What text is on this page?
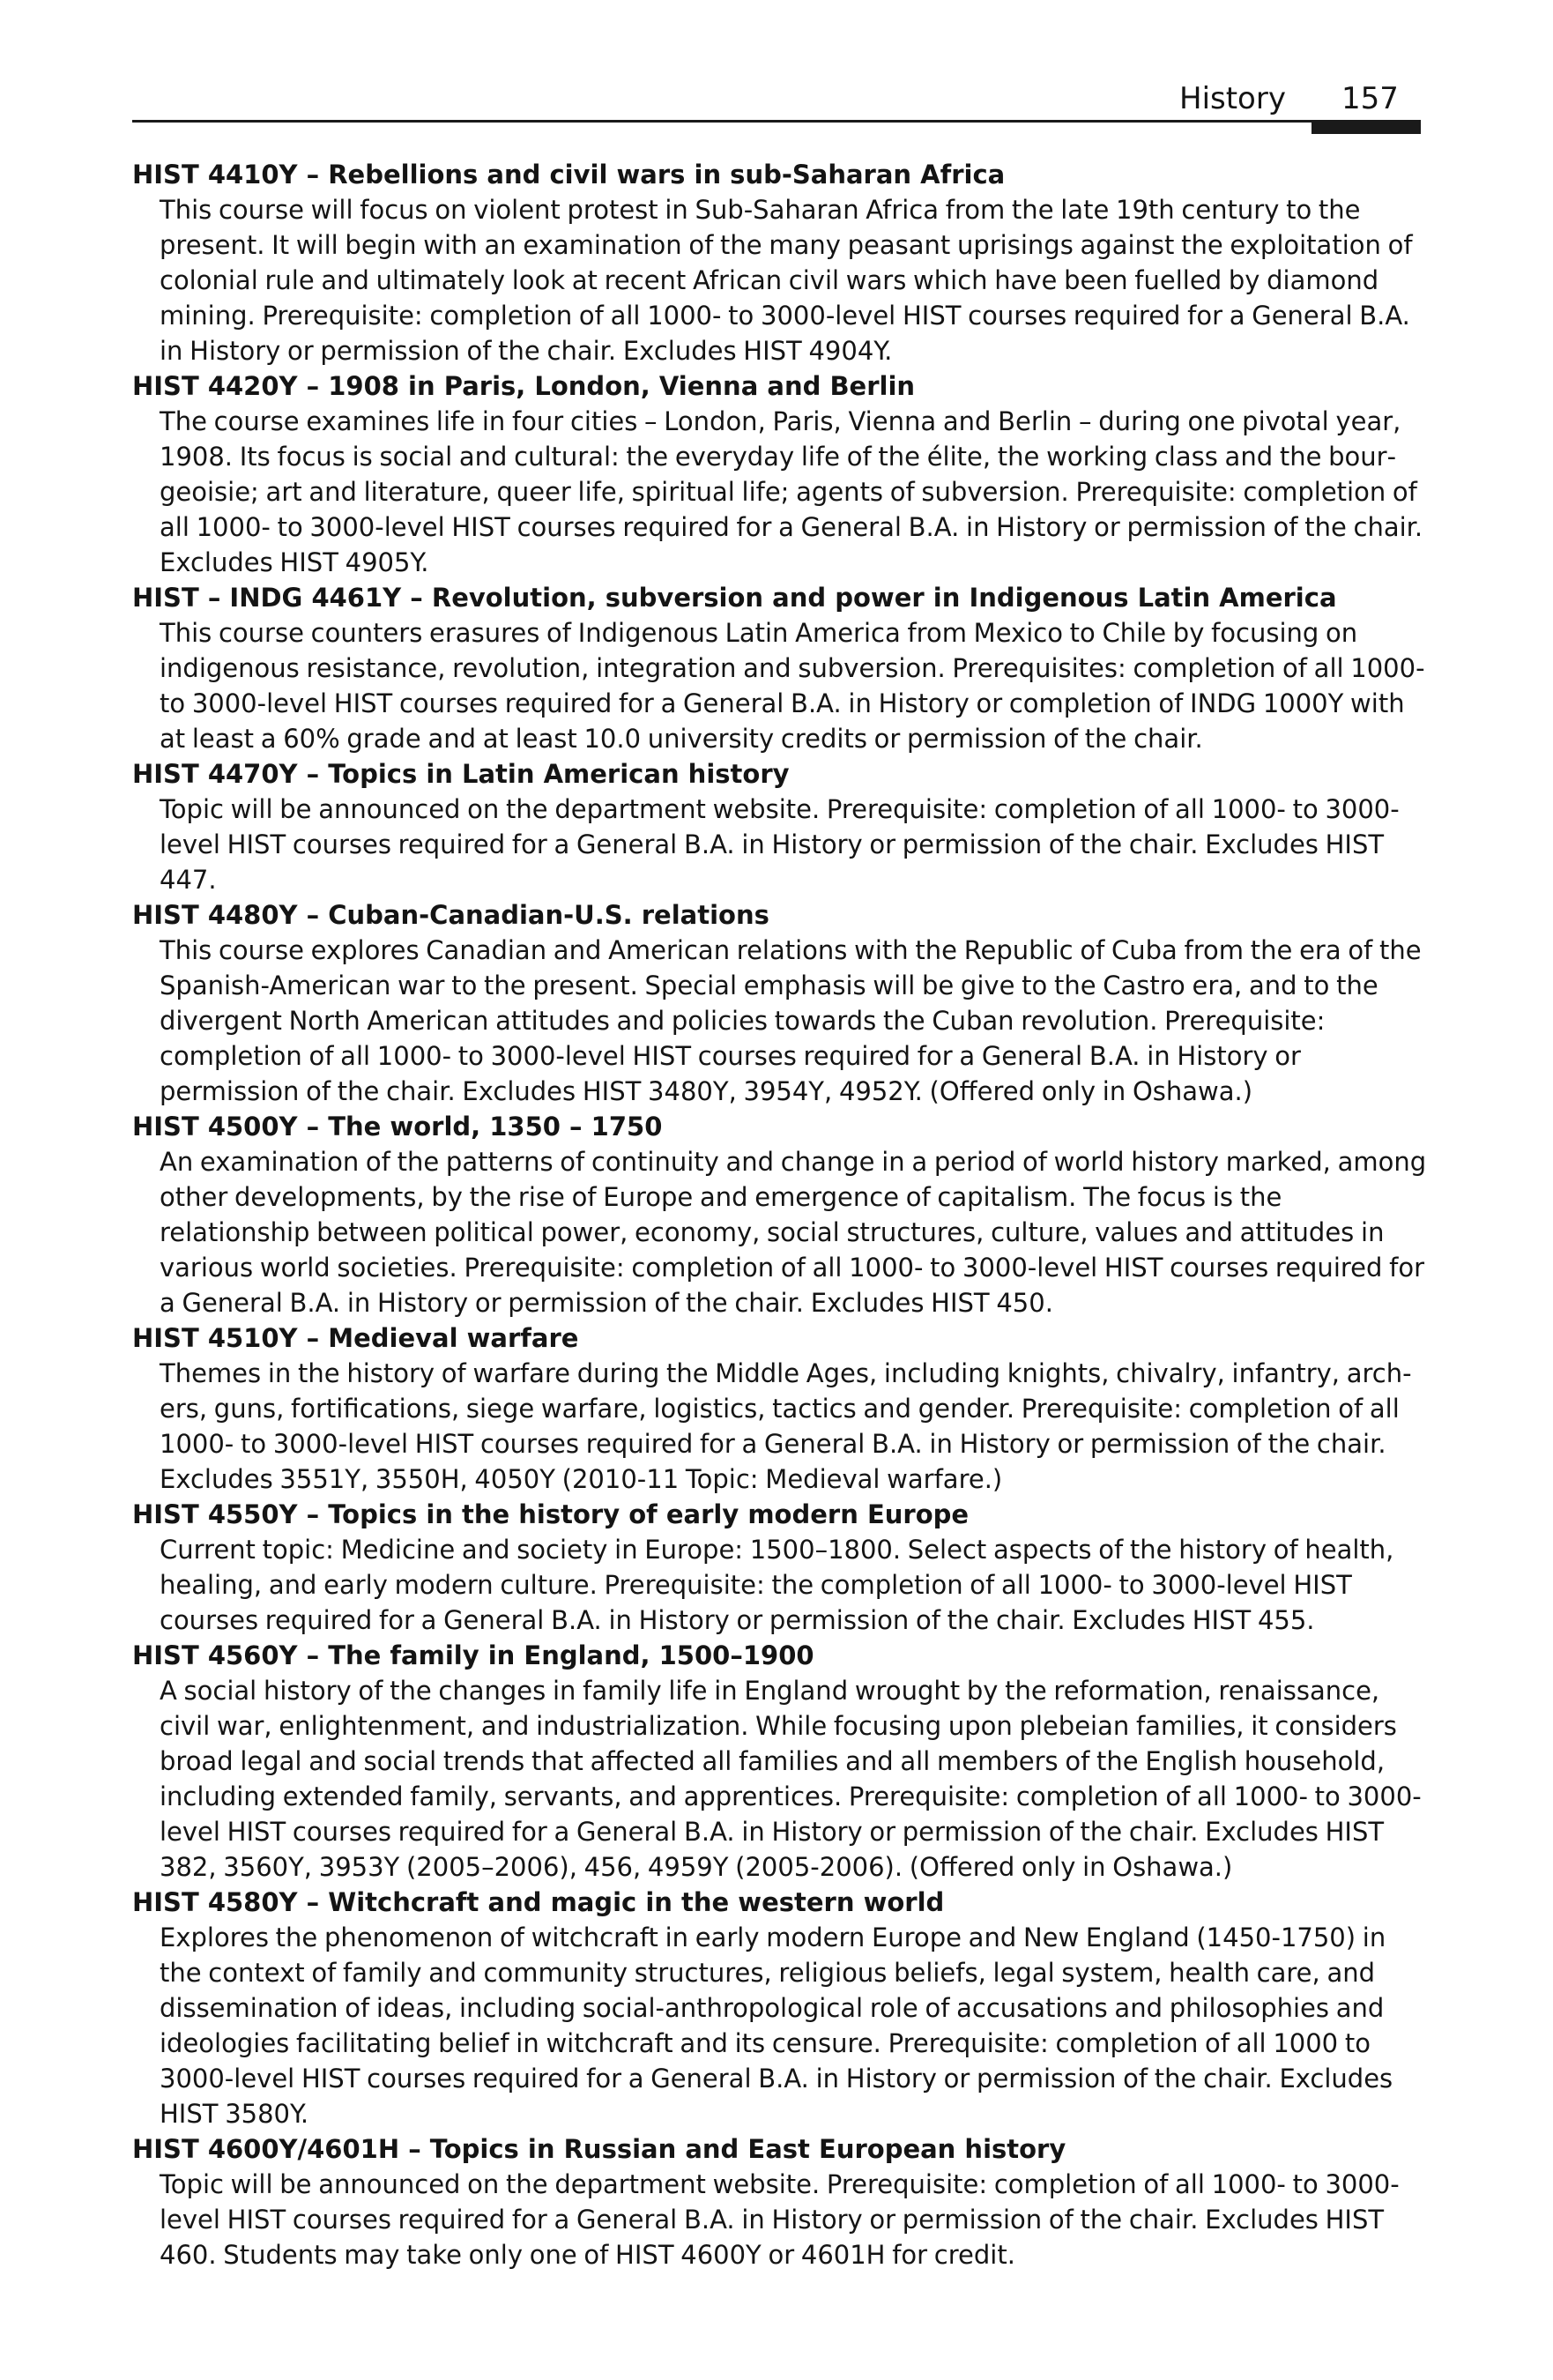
History 157
HIST 4410Y – Rebellions and civil wars in sub-Saharan Africa

This course will focus on violent protest in Sub-Saharan Africa from the late 19th century to the present. It will begin with an examination of the many peasant uprisings against the exploitation of colonial rule and ultimately look at recent African civil wars which have been fuelled by diamond mining. Prerequisite: completion of all 1000- to 3000-level HIST courses required for a General B.A. in History or permission of the chair. Excludes HIST 4904Y.

HIST 4420Y – 1908 in Paris, London, Vienna and Berlin

The course examines life in four cities – London, Paris, Vienna and Berlin – during one pivotal year, 1908. Its focus is social and cultural: the everyday life of the élite, the working class and the bourgeoisie; art and literature, queer life, spiritual life; agents of subversion. Prerequisite: completion of all 1000- to 3000-level HIST courses required for a General B.A. in History or permission of the chair. Excludes HIST 4905Y.

HIST – INDG 4461Y – Revolution, subversion and power in Indigenous Latin America

This course counters erasures of Indigenous Latin America from Mexico to Chile by focusing on indigenous resistance, revolution, integration and subversion. Prerequisites: completion of all 1000- to 3000-level HIST courses required for a General B.A. in History or completion of INDG 1000Y with at least a 60% grade and at least 10.0 university credits or permission of the chair.

HIST 4470Y – Topics in Latin American history

Topic will be announced on the department website. Prerequisite: completion of all 1000- to 3000- level HIST courses required for a General B.A. in History or permission of the chair. Excludes HIST 447.

HIST 4480Y – Cuban-Canadian-U.S. relations

This course explores Canadian and American relations with the Republic of Cuba from the era of the Spanish-American war to the present. Special emphasis will be give to the Castro era, and to the divergent North American attitudes and policies towards the Cuban revolution. Prerequisite: completion of all 1000- to 3000-level HIST courses required for a General B.A. in History or permission of the chair. Excludes HIST 3480Y, 3954Y, 4952Y. (Offered only in Oshawa.)

HIST 4500Y – The world, 1350 – 1750

An examination of the patterns of continuity and change in a period of world history marked, among other developments, by the rise of Europe and emergence of capitalism. The focus is the relationship between political power, economy, social structures, culture, values and attitudes in various world societies. Prerequisite: completion of all 1000- to 3000-level HIST courses required for a General B.A. in History or permission of the chair. Excludes HIST 450.

HIST 4510Y – Medieval warfare

Themes in the history of warfare during the Middle Ages, including knights, chivalry, infantry, archers, guns, fortifications, siege warfare, logistics, tactics and gender. Prerequisite: completion of all 1000- to 3000-level HIST courses required for a General B.A. in History or permission of the chair. Excludes 3551Y, 3550H, 4050Y (2010-11 Topic: Medieval warfare.)

HIST 4550Y – Topics in the history of early modern Europe

Current topic: Medicine and society in Europe: 1500–1800. Select aspects of the history of health, healing, and early modern culture. Prerequisite: the completion of all 1000- to 3000-level HIST courses required for a General B.A. in History or permission of the chair. Excludes HIST 455.

HIST 4560Y – The family in England, 1500–1900

A social history of the changes in family life in England wrought by the reformation, renaissance, civil war, enlightenment, and industrialization. While focusing upon plebeian families, it considers broad legal and social trends that affected all families and all members of the English household, including extended family, servants, and apprentices. Prerequisite: completion of all 1000- to 3000-level HIST courses required for a General B.A. in History or permission of the chair. Excludes HIST 382, 3560Y, 3953Y (2005–2006), 456, 4959Y (2005-2006). (Offered only in Oshawa.)

HIST 4580Y – Witchcraft and magic in the western world

Explores the phenomenon of witchcraft in early modern Europe and New England (1450-1750) in the context of family and community structures, religious beliefs, legal system, health care, and dissemination of ideas, including social-anthropological role of accusations and philosophies and ideologies facilitating belief in witchcraft and its censure. Prerequisite: completion of all 1000 to 3000-level HIST courses required for a General B.A. in History or permission of the chair. Excludes HIST 3580Y.

HIST 4600Y/4601H – Topics in Russian and East European history

Topic will be announced on the department website. Prerequisite: completion of all 1000- to 3000- level HIST courses required for a General B.A. in History or permission of the chair. Excludes HIST 460. Students may take only one of HIST 4600Y or 4601H for credit.
